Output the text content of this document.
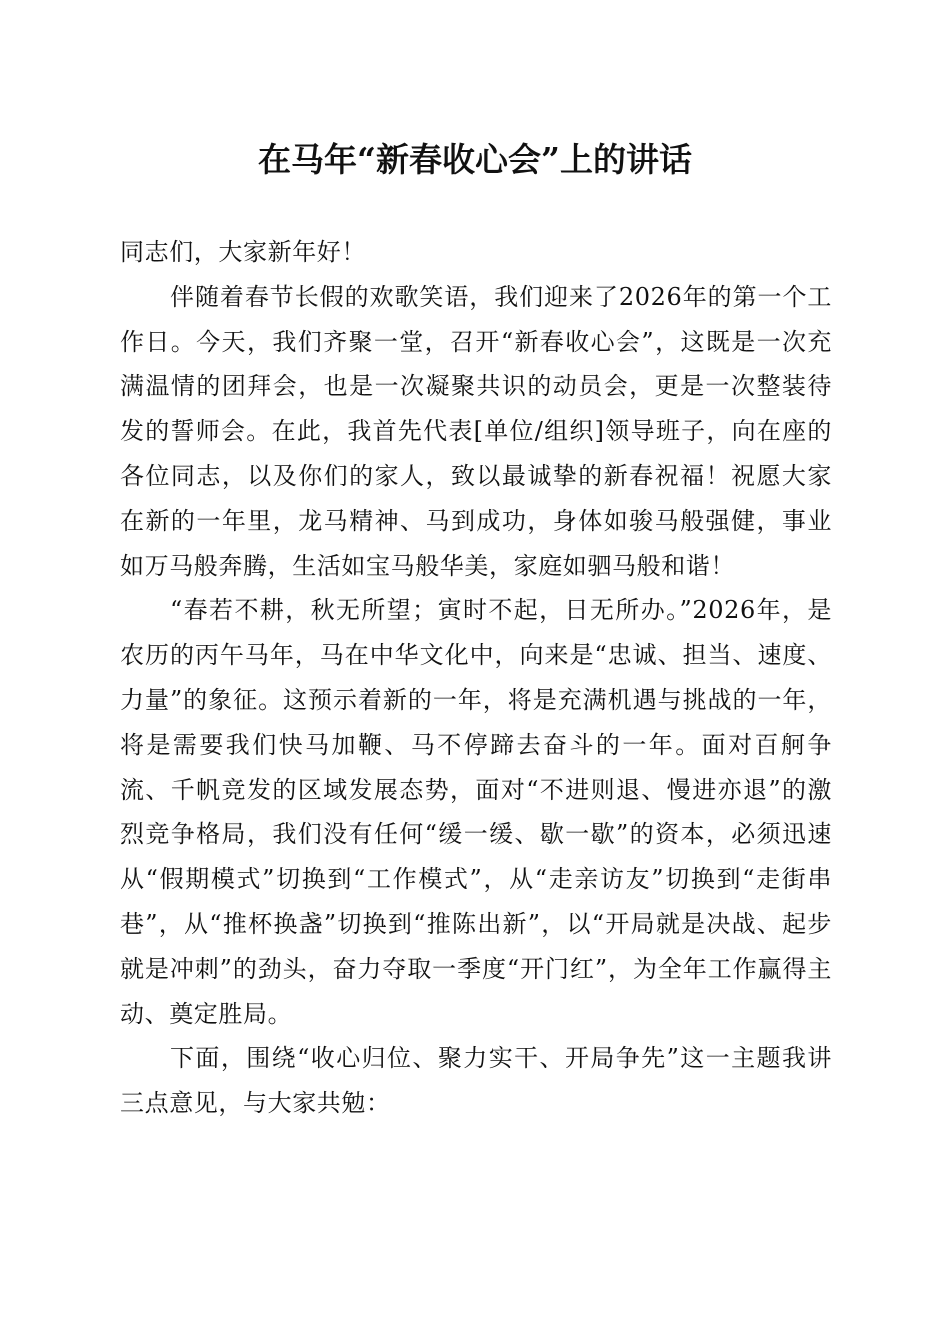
在马年“新春收心会”上的讲话

同志们，大家新年好！

伴随着春节长假的欢歌笑语，我们迎来了2026年的第一个工作日。今天，我们齐聚一堂，召开“新春收心会”，这既是一次充满温情的团拜会，也是一次凝聚共识的动员会，更是一次整装待发的誓师会。在此，我首先代表[单位/组织]领导班子，向在座的各位同志，以及你们的家人，致以最诚挚的新春祝福！祝愿大家在新的一年里，龙马精神、马到成功，身体如骏马般强健，事业如万马般奔腾，生活如宝马般华美，家庭如驷马般和谐！

“春若不耕，秋无所望；寅时不起，日无所办。”2026年，是农历的丙午马年，马在中华文化中，向来是“忠诚、担当、速度、力量”的象征。这预示着新的一年，将是充满机遇与挑战的一年，将是需要我们快马加鞭、马不停蹄去奋斗的一年。面对百舸争流、千帆竞发的区域发展态势，面对“不进则退、慢进亦退”的激烈竞争格局，我们没有任何“缓一缓、歇一歇”的资本，必须迅速从“假期模式”切换到“工作模式”，从“走亲访友”切换到“走街串巷”，从“推杯换盏”切换到“推陈出新”，以“开局就是决战、起步就是冲刺”的劲头，奋力夺取一季度“开门红”，为全年工作赢得主动、奠定胜局。

下面，围绕“收心归位、聚力实干、开局争先”这一主题我讲三点意见，与大家共勉：
